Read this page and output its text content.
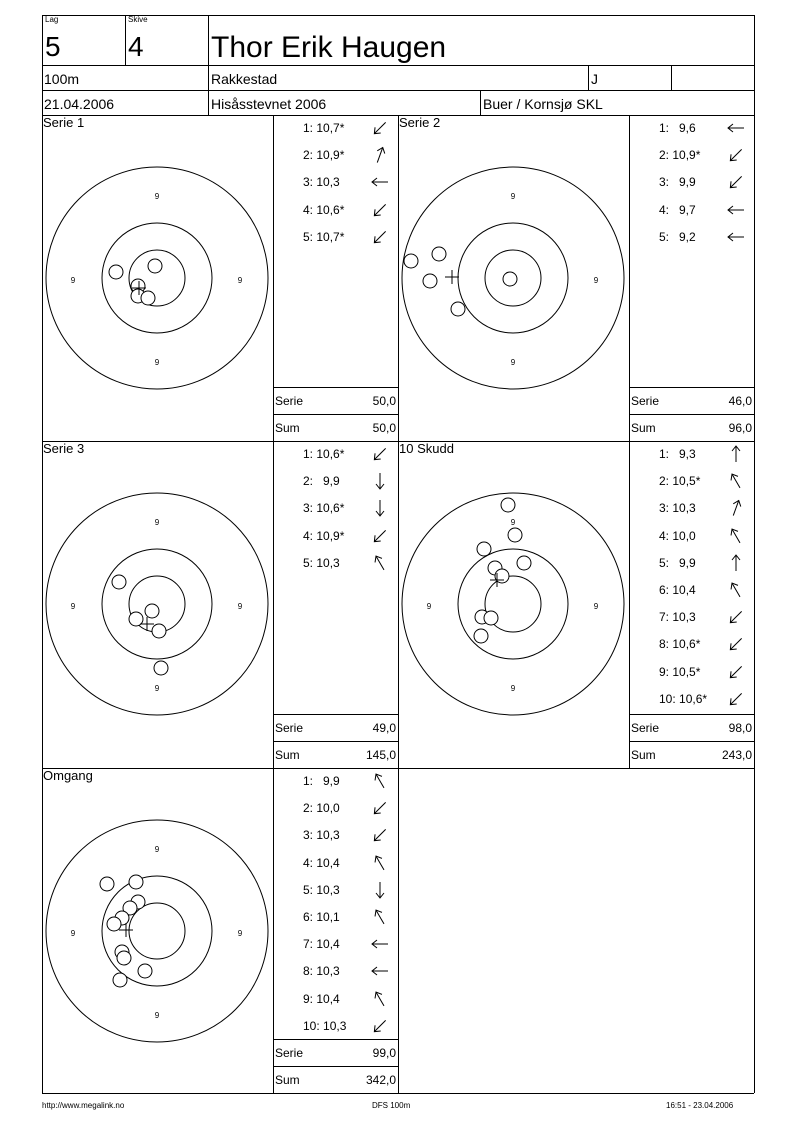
Lag
5
Skive
4 Thor Erik Haugen
100m	Rakkestad	J
21.04.2006	Hisåsstevnet 2006	Buer / Kornsjø SKL
Serie 1
9
9
9	9
1: 10,7*
2: 10,9*
3: 10,3
4: 10,6*
5: 10,7*
Serie	50,0
Sum	50,0
Serie 2
9
9
9
1:   9,6
2: 10,9*
3:   9,9
4:   9,7
5:   9,2
Serie	46,0
Sum	96,0
Serie 3
9
9
9	9
1: 10,6*
2:   9,9
3: 10,6*
4: 10,9*
5: 10,3
Serie	49,0
Sum	145,0
10 Skudd
9
9
9	9
1:   9,3
2: 10,5*
3: 10,3
4: 10,0
5:   9,9
6: 10,4
7: 10,3
8: 10,6*
9: 10,5*
10: 10,6*
Serie	98,0
Sum	243,0
Omgang
9
9
9	9
1:   9,9
2: 10,0
3: 10,3
4: 10,4
5: 10,3
6: 10,1
7: 10,4
8: 10,3
9: 10,4
10: 10,3
Serie	99,0
Sum	342,0
http://www.megalink.no	DFS 100m	16:51 - 23.04.2006
